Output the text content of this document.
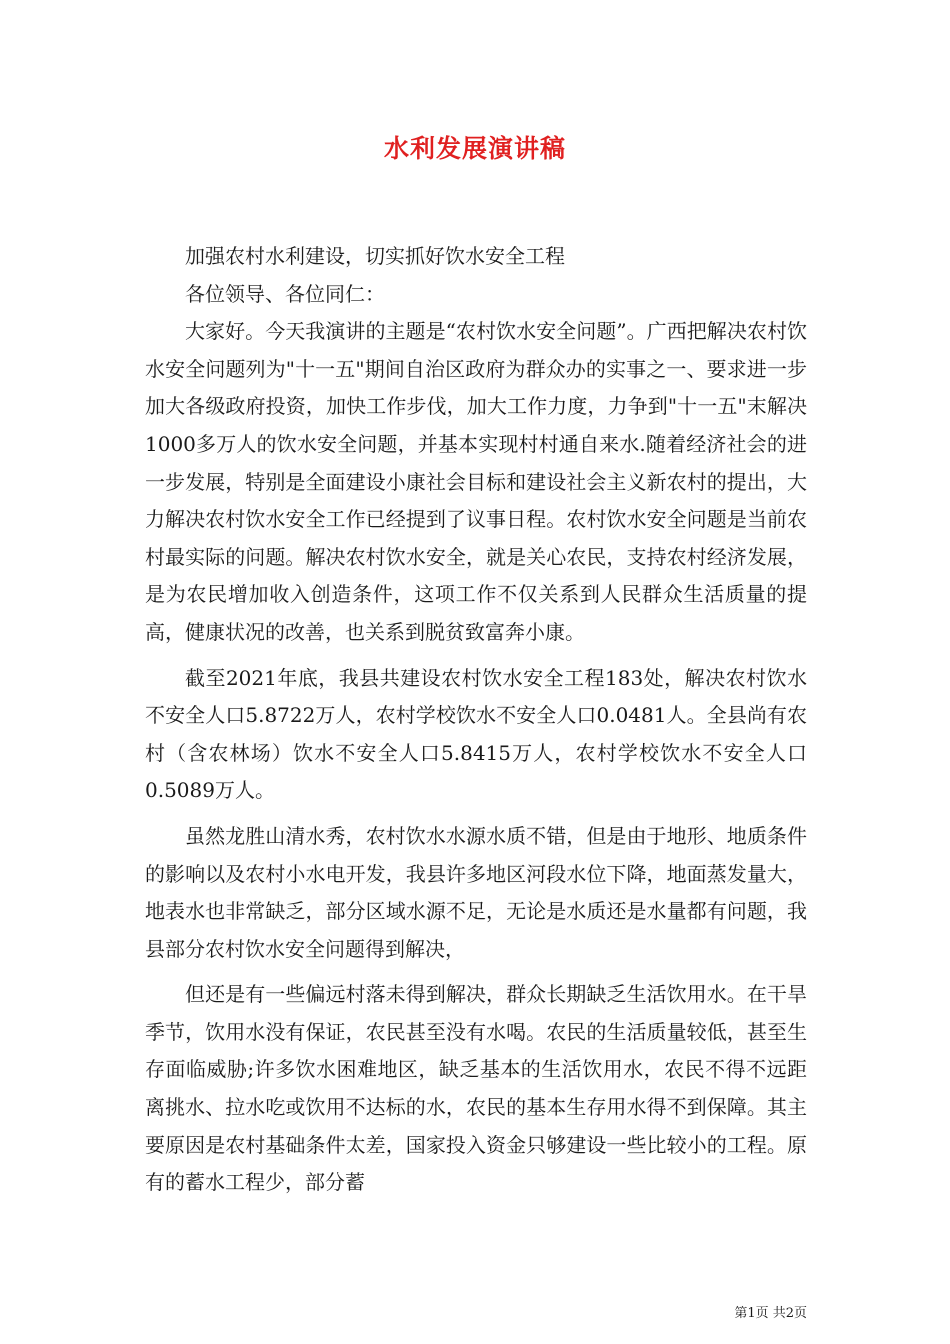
水利发展演讲稿

加强农村水利建设，切实抓好饮水安全工程

各位领导、各位同仁：

大家好。今天我演讲的主题是“农村饮水安全问题”。广西把解决农村饮水安全问题列为"十一五"期间自治区政府为群众办的实事之一、要求进一步加大各级政府投资，加快工作步伐，加大工作力度，力争到"十一五"末解决1000多万人的饮水安全问题，并基本实现村村通自来水.随着经济社会的进一步发展，特别是全面建设小康社会目标和建设社会主义新农村的提出，大力解决农村饮水安全工作已经提到了议事日程。农村饮水安全问题是当前农村最实际的问题。解决农村饮水安全，就是关心农民，支持农村经济发展，是为农民增加收入创造条件，这项工作不仅关系到人民群众生活质量的提高，健康状况的改善，也关系到脱贫致富奔小康。

截至2021年底，我县共建设农村饮水安全工程183处，解决农村饮水不安全人口5.8722万人，农村学校饮水不安全人口0.0481人。全县尚有农村（含农林场）饮水不安全人口5.8415万人，农村学校饮水不安全人口0.5089万人。

虽然龙胜山清水秀，农村饮水水源水质不错，但是由于地形、地质条件的影响以及农村小水电开发，我县许多地区河段水位下降，地面蒸发量大，地表水也非常缺乏，部分区域水源不足，无论是水质还是水量都有问题，我县部分农村饮水安全问题得到解决，

但还是有一些偏远村落未得到解决，群众长期缺乏生活饮用水。在干旱季节，饮用水没有保证，农民甚至没有水喝。农民的生活质量较低，甚至生存面临威胁;许多饮水困难地区，缺乏基本的生活饮用水，农民不得不远距离挑水、拉水吃或饮用不达标的水，农民的基本生存用水得不到保障。其主要原因是农村基础条件太差，国家投入资金只够建设一些比较小的工程。原有的蓄水工程少，部分蓄

第1页 共2页
